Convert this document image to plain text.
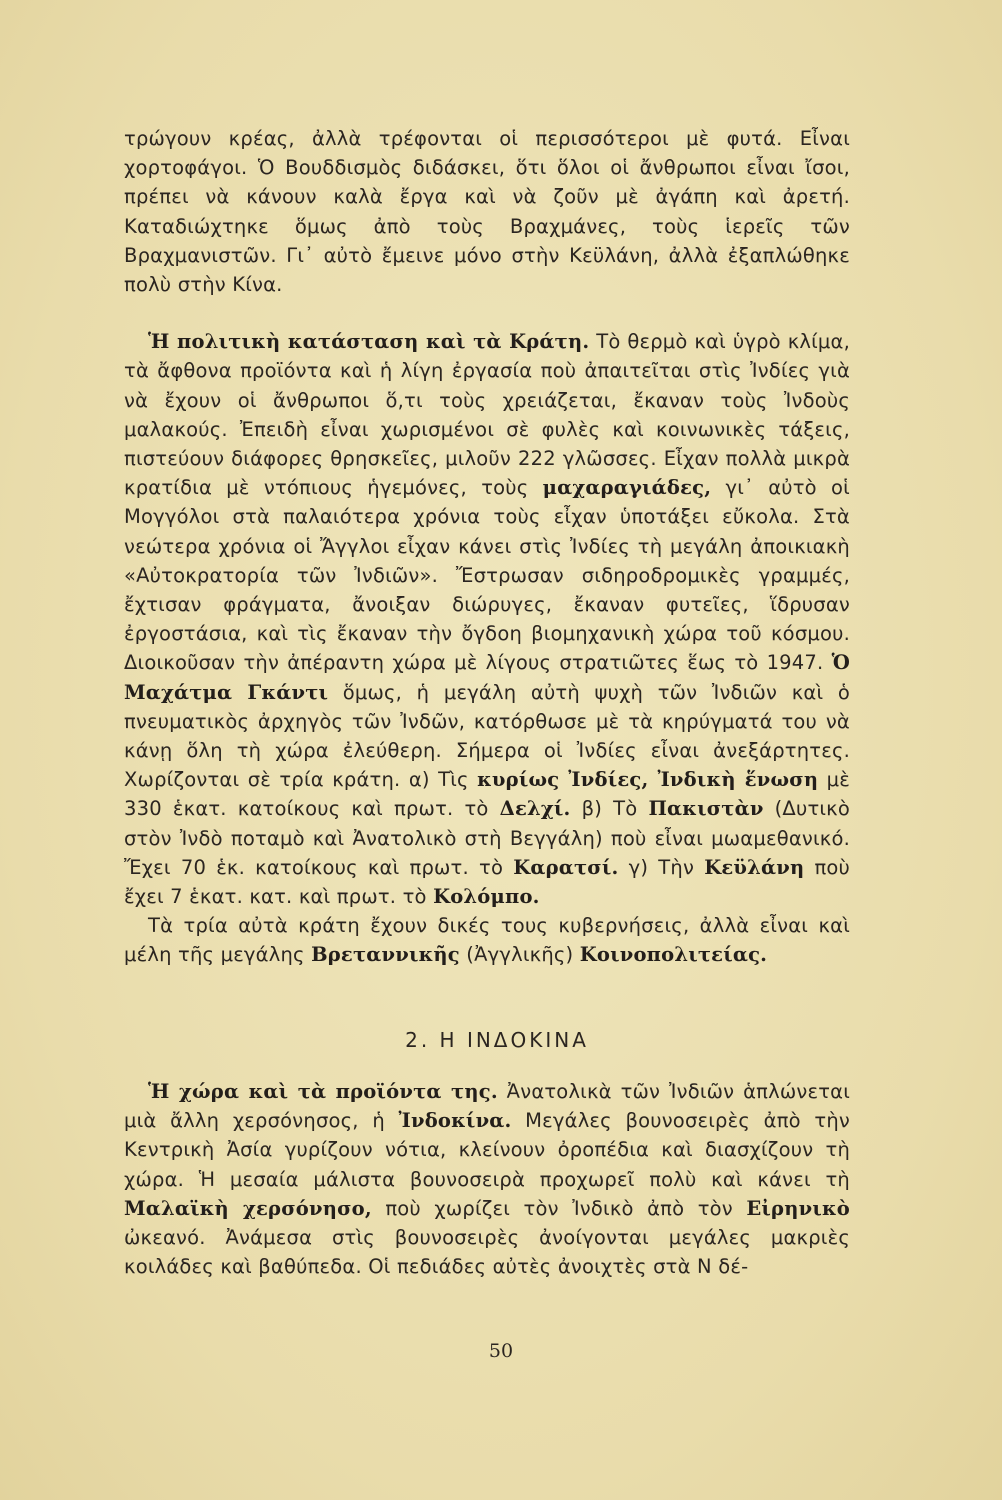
τρώγουν κρέας, ἀλλὰ τρέφονται οἱ περισσότεροι μὲ φυτά. Εἶναι χορτοφάγοι. Ὁ Βουδδισμὸς διδάσκει, ὅτι ὅλοι οἱ ἄνθρωποι εἶναι ἴσοι, πρέπει νὰ κάνουν καλὰ ἔργα καὶ νὰ ζοῦν μὲ ἀγάπη καὶ ἀρετή. Καταδιώχτηκε ὅμως ἀπὸ τοὺς Βραχμάνες, τοὺς ἱερεῖς τῶν Βραχμανιστῶν. Γι᾽ αὐτὸ ἔμεινε μόνο στὴν Κεϋλάνη, ἀλλὰ ἐξαπλώθηκε πολὺ στὴν Κίνα.

Ἡ πολιτικὴ κατάσταση καὶ τὰ Κράτη. Τὸ θερμὸ καὶ ὑγρὸ κλίμα, τὰ ἄφθονα προϊόντα καὶ ἡ λίγη ἐργασία ποὺ ἀπαιτεῖται στὶς Ἰνδίες γιὰ νὰ ἔχουν οἱ ἄνθρωποι ὅ,τι τοὺς χρειάζεται, ἔκαναν τοὺς Ἰνδοὺς μαλακούς. Ἐπειδὴ εἶναι χωρισμένοι σὲ φυλὲς καὶ κοινωνικὲς τάξεις, πιστεύουν διάφορες θρησκεῖες, μιλοῦν 222 γλῶσσες. Εἶχαν πολλὰ μικρὰ κρατίδια μὲ ντόπιους ἡγεμόνες, τοὺς μαχαραγιάδες, γι᾽ αὐτὸ οἱ Μογγόλοι στὰ παλαιότερα χρόνια τοὺς εἶχαν ὑποτάξει εὔκολα. Στὰ νεώτερα χρόνια οἱ Ἄγγλοι εἶχαν κάνει στὶς Ἰνδίες τὴ μεγάλη ἀποικιακὴ «Αὐτοκρατορία τῶν Ἰνδιῶν». Ἔστρωσαν σιδηροδρομικὲς γραμμές, ἔχτισαν φράγματα, ἄνοιξαν διώρυγες, ἔκαναν φυτεῖες, ἵδρυσαν ἐργοστάσια, καὶ τὶς ἔκαναν τὴν ὄγδοη βιομηχανικὴ χώρα τοῦ κόσμου. Διοικοῦσαν τὴν ἀπέραντη χώρα μὲ λίγους στρατιῶτες ἕως τὸ 1947. Ὁ Μαχάτμα Γκάντι ὅμως, ἡ μεγάλη αὐτὴ ψυχὴ τῶν Ἰνδιῶν καὶ ὁ πνευματικὸς ἀρχηγὸς τῶν Ἰνδῶν, κατόρθωσε μὲ τὰ κηρύγματά του νὰ κάνῃ ὅλη τὴ χώρα ἐλεύθερη. Σήμερα οἱ Ἰνδίες εἶναι ἀνεξάρτητες. Χωρίζονται σὲ τρία κράτη. α) Τὶς κυρίως Ἰνδίες, Ἰνδικὴ ἕνωση μὲ 330 ἑκατ. κατοίκους καὶ πρωτ. τὸ Δελχί. β) Τὸ Πακιστὰν (Δυτικὸ στὸν Ἰνδὸ ποταμὸ καὶ Ἀνατολικὸ στὴ Βεγγάλη) ποὺ εἶναι μωαμεθανικό. Ἔχει 70 ἑκ. κατοίκους καὶ πρωτ. τὸ Καρατσί. γ) Τὴν Κεϋλάνη ποὺ ἔχει 7 ἑκατ. κατ. καὶ πρωτ. τὸ Κολόμπο.

Τὰ τρία αὐτὰ κράτη ἔχουν δικές τους κυβερνήσεις, ἀλλὰ εἶναι καὶ μέλη τῆς μεγάλης Βρεταννικῆς (Ἀγγλικῆς) Κοινοπολιτείας.

2. Η ΙΝΔΟΚΙΝΑ

Ἡ χώρα καὶ τὰ προϊόντα της. Ἀνατολικὰ τῶν Ἰνδιῶν ἁπλώνεται μιὰ ἄλλη χερσόνησος, ἡ Ἰνδοκίνα. Μεγάλες βουνοσειρὲς ἀπὸ τὴν Κεντρικὴ Ἀσία γυρίζουν νότια, κλείνουν ὀροπέδια καὶ διασχίζουν τὴ χώρα. Ἡ μεσαία μάλιστα βουνοσειρὰ προχωρεῖ πολὺ καὶ κάνει τὴ Μαλαϊκὴ χερσόνησο, ποὺ χωρίζει τὸν Ἰνδικὸ ἀπὸ τὸν Εἰρηνικὸ ὠκεανό. Ἀνάμεσα στὶς βουνοσειρὲς ἀνοίγονται μεγάλες μακριὲς κοιλάδες καὶ βαθύπεδα. Οἱ πεδιάδες αὐτὲς ἀνοιχτὲς στὰ Ν δέ-

50
